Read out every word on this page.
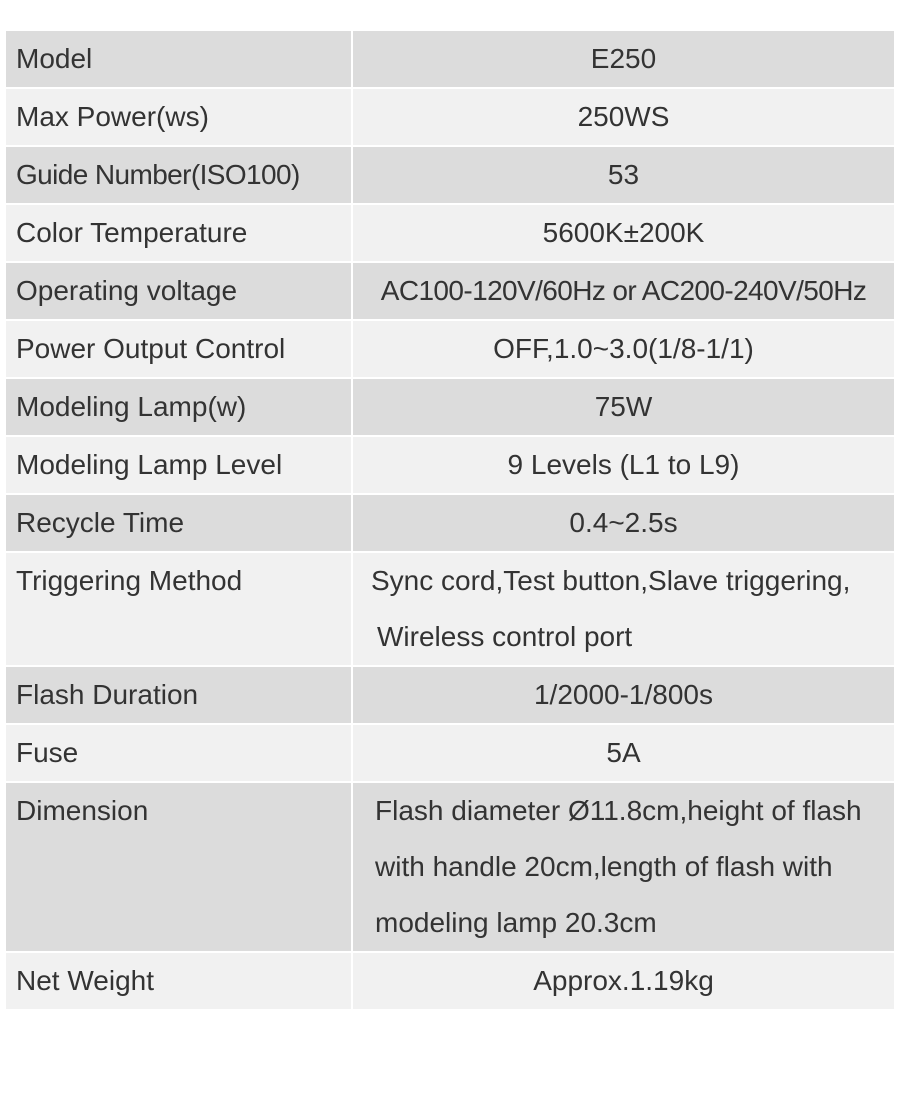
Model	E250
Max Power(ws)	250WS
Guide Number(ISO100)	53
Color Temperature	5600K±200K
Operating voltage	AC100-120V/60Hz or AC200-240V/50Hz
Power Output Control	OFF,1.0~3.0(1/8-1/1)
Modeling Lamp(w)	75W
Modeling Lamp Level	9 Levels (L1 to L9)
Recycle Time	0.4~2.5s
Triggering Method	Sync cord,Test button,Slave triggering,
Wireless control port

Flash Duration	1/2000-1/800s
Fuse	5A
Dimension	Flash diameter Ø11.8cm,height of flash
with handle 20cm,length of flash with
modeling lamp 20.3cm

Net Weight	Approx.1.19kg
